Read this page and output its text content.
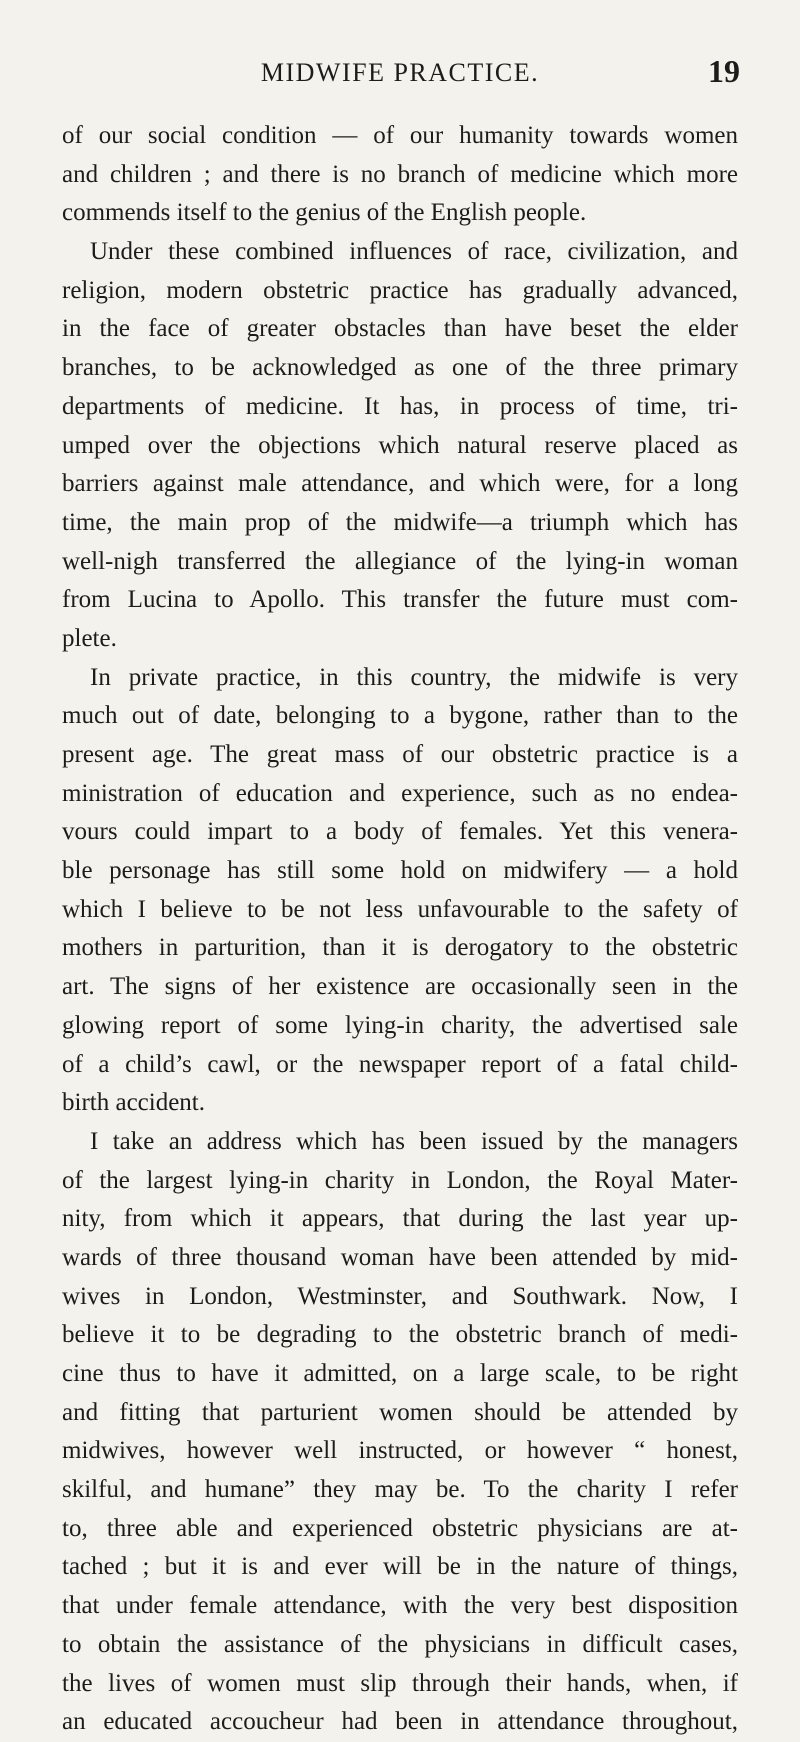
MIDWIFE PRACTICE.	19
of our social condition — of our humanity towards women
and children ; and there is no branch of medicine which more
commends itself to the genius of the English people.
Under these combined influences of race, civilization, and
religion, modern obstetric practice has gradually advanced,
in the face of greater obstacles than have beset the elder
branches, to be acknowledged as one of the three primary
departments of medicine. It has, in process of time, tri-
umped over the objections which natural reserve placed as
barriers against male attendance, and which were, for a long
time, the main prop of the midwife—a triumph which has
well-nigh transferred the allegiance of the lying-in woman
from Lucina to Apollo. This transfer the future must com-
plete.
In private practice, in this country, the midwife is very
much out of date, belonging to a bygone, rather than to the
present age. The great mass of our obstetric practice is a
ministration of education and experience, such as no endea-
vours could impart to a body of females. Yet this venera-
ble personage has still some hold on midwifery — a hold
which I believe to be not less unfavourable to the safety of
mothers in parturition, than it is derogatory to the obstetric
art. The signs of her existence are occasionally seen in the
glowing report of some lying-in charity, the advertised sale
of a child’s cawl, or the newspaper report of a fatal child-
birth accident.
I take an address which has been issued by the managers
of the largest lying-in charity in London, the Royal Mater-
nity, from which it appears, that during the last year up-
wards of three thousand woman have been attended by mid-
wives in London, Westminster, and Southwark. Now, I
believe it to be degrading to the obstetric branch of medi-
cine thus to have it admitted, on a large scale, to be right
and fitting that parturient women should be attended by
midwives, however well instructed, or however “ honest,
skilful, and humane” they may be. To the charity I refer
to, three able and experienced obstetric physicians are at-
tached ; but it is and ever will be in the nature of things,
that under female attendance, with the very best disposition
to obtain the assistance of the physicians in difficult cases,
the lives of women must slip through their hands, when, if
an educated accoucheur had been in attendance throughout,
